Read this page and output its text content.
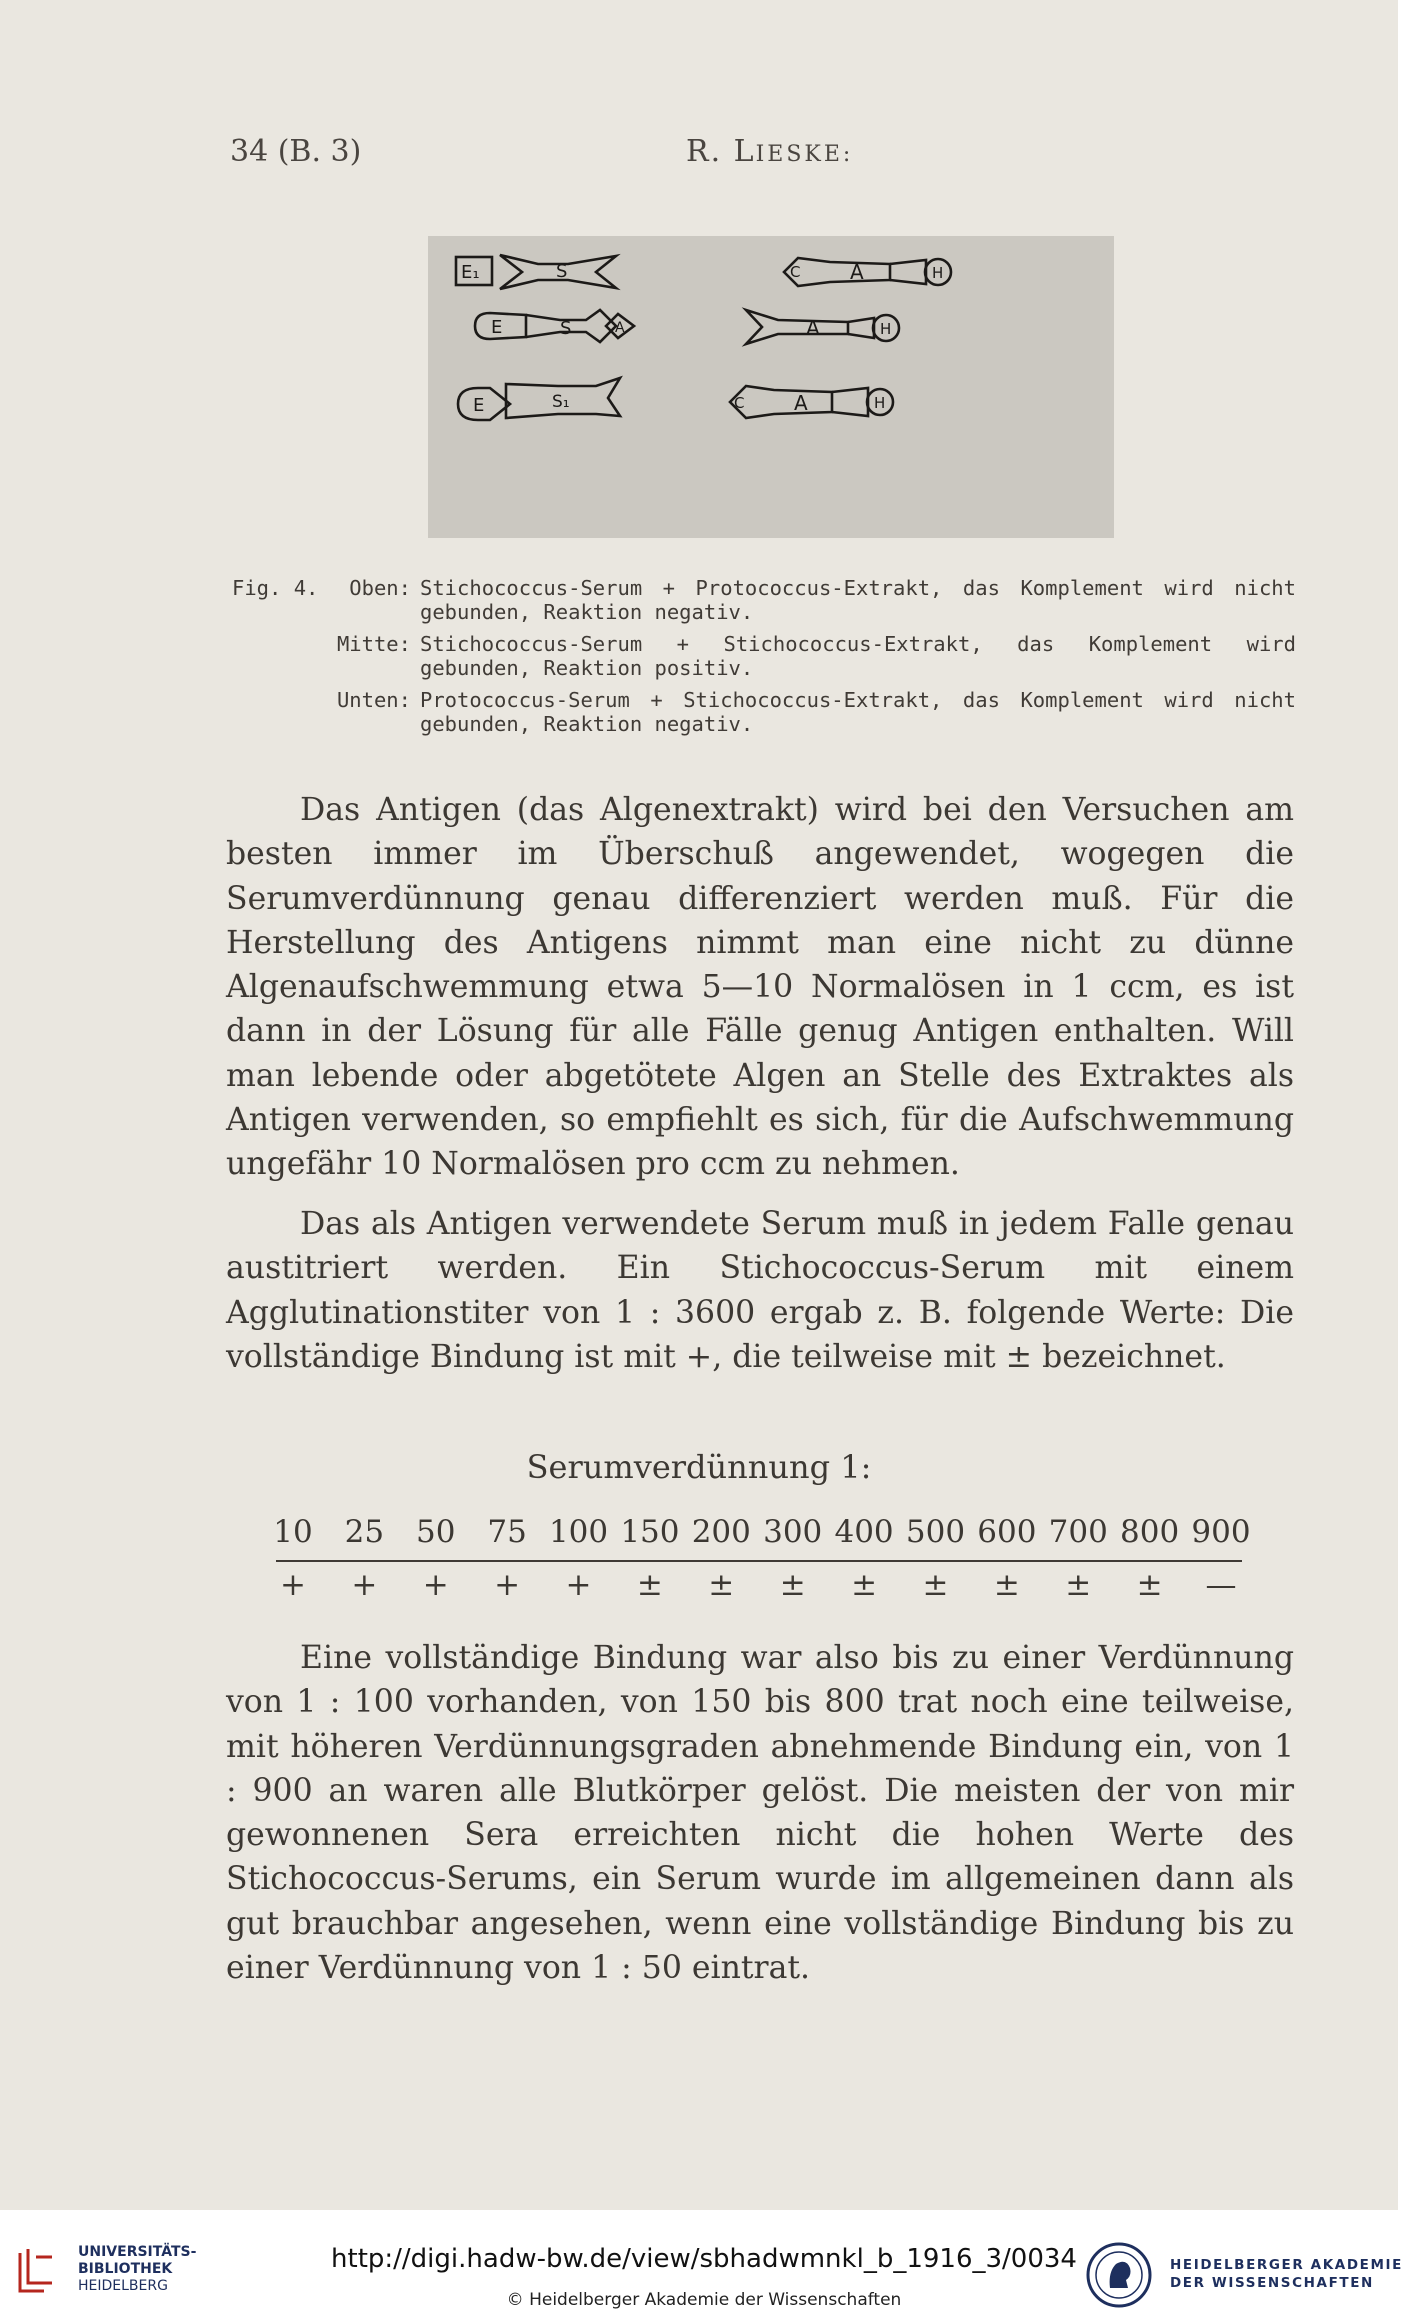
34 (B. 3)	R. LIESKE:
E₁	S	C A	H
E	S	A	A	H
E	S₁	C A	H
Fig. 4.	Oben: Stichococcus-Serum + Protococcus-Extrakt, das Komplement wird nicht gebunden, Reaktion negativ.
Mitte: Stichococcus-Serum + Stichococcus-Extrakt, das Komplement wird gebunden, Reaktion positiv.
Unten: Protococcus-Serum + Stichococcus-Extrakt, das Komplement wird nicht gebunden, Reaktion negativ.
Das Antigen (das Algenextrakt) wird bei den Versuchen am besten immer im Überschuß angewendet, wogegen die Serumverdünnung genau differenziert werden muß. Für die Herstellung des Antigens nimmt man eine nicht zu dünne Algenaufschwemmung etwa 5—10 Normalösen in 1 ccm, es ist dann in der Lösung für alle Fälle genug Antigen enthalten. Will man lebende oder abgetötete Algen an Stelle des Extraktes als Antigen verwenden, so empfiehlt es sich, für die Aufschwemmung ungefähr 10 Normalösen pro ccm zu nehmen.
Das als Antigen verwendete Serum muß in jedem Falle genau austitriert werden. Ein Stichococcus-Serum mit einem Agglutinationstiter von 1 : 3600 ergab z. B. folgende Werte: Die vollständige Bindung ist mit +, die teilweise mit ± bezeichnet.
Serumverdünnung 1:
10 25 50 75 100 150 200 300 400 500 600 700 800 900
+ + + + + ± ± ± ± ± ± ± ± —
Eine vollständige Bindung war also bis zu einer Verdünnung von 1 : 100 vorhanden, von 150 bis 800 trat noch eine teilweise, mit höheren Verdünnungsgraden abnehmende Bindung ein, von 1 : 900 an waren alle Blutkörper gelöst. Die meisten der von mir gewonnenen Sera erreichten nicht die hohen Werte des Stichococcus-Serums, ein Serum wurde im allgemeinen dann als gut brauchbar angesehen, wenn eine vollständige Bindung bis zu einer Verdünnung von 1 : 50 eintrat.
UNIVERSITÄTS-
BIBLIOTHEK
HEIDELBERG
http://digi.hadw-bw.de/view/sbhadwmnkl_b_1916_3/0034
© Heidelberger Akademie der Wissenschaften
HEIDELBERGER AKADEMIE
DER WISSENSCHAFTEN
